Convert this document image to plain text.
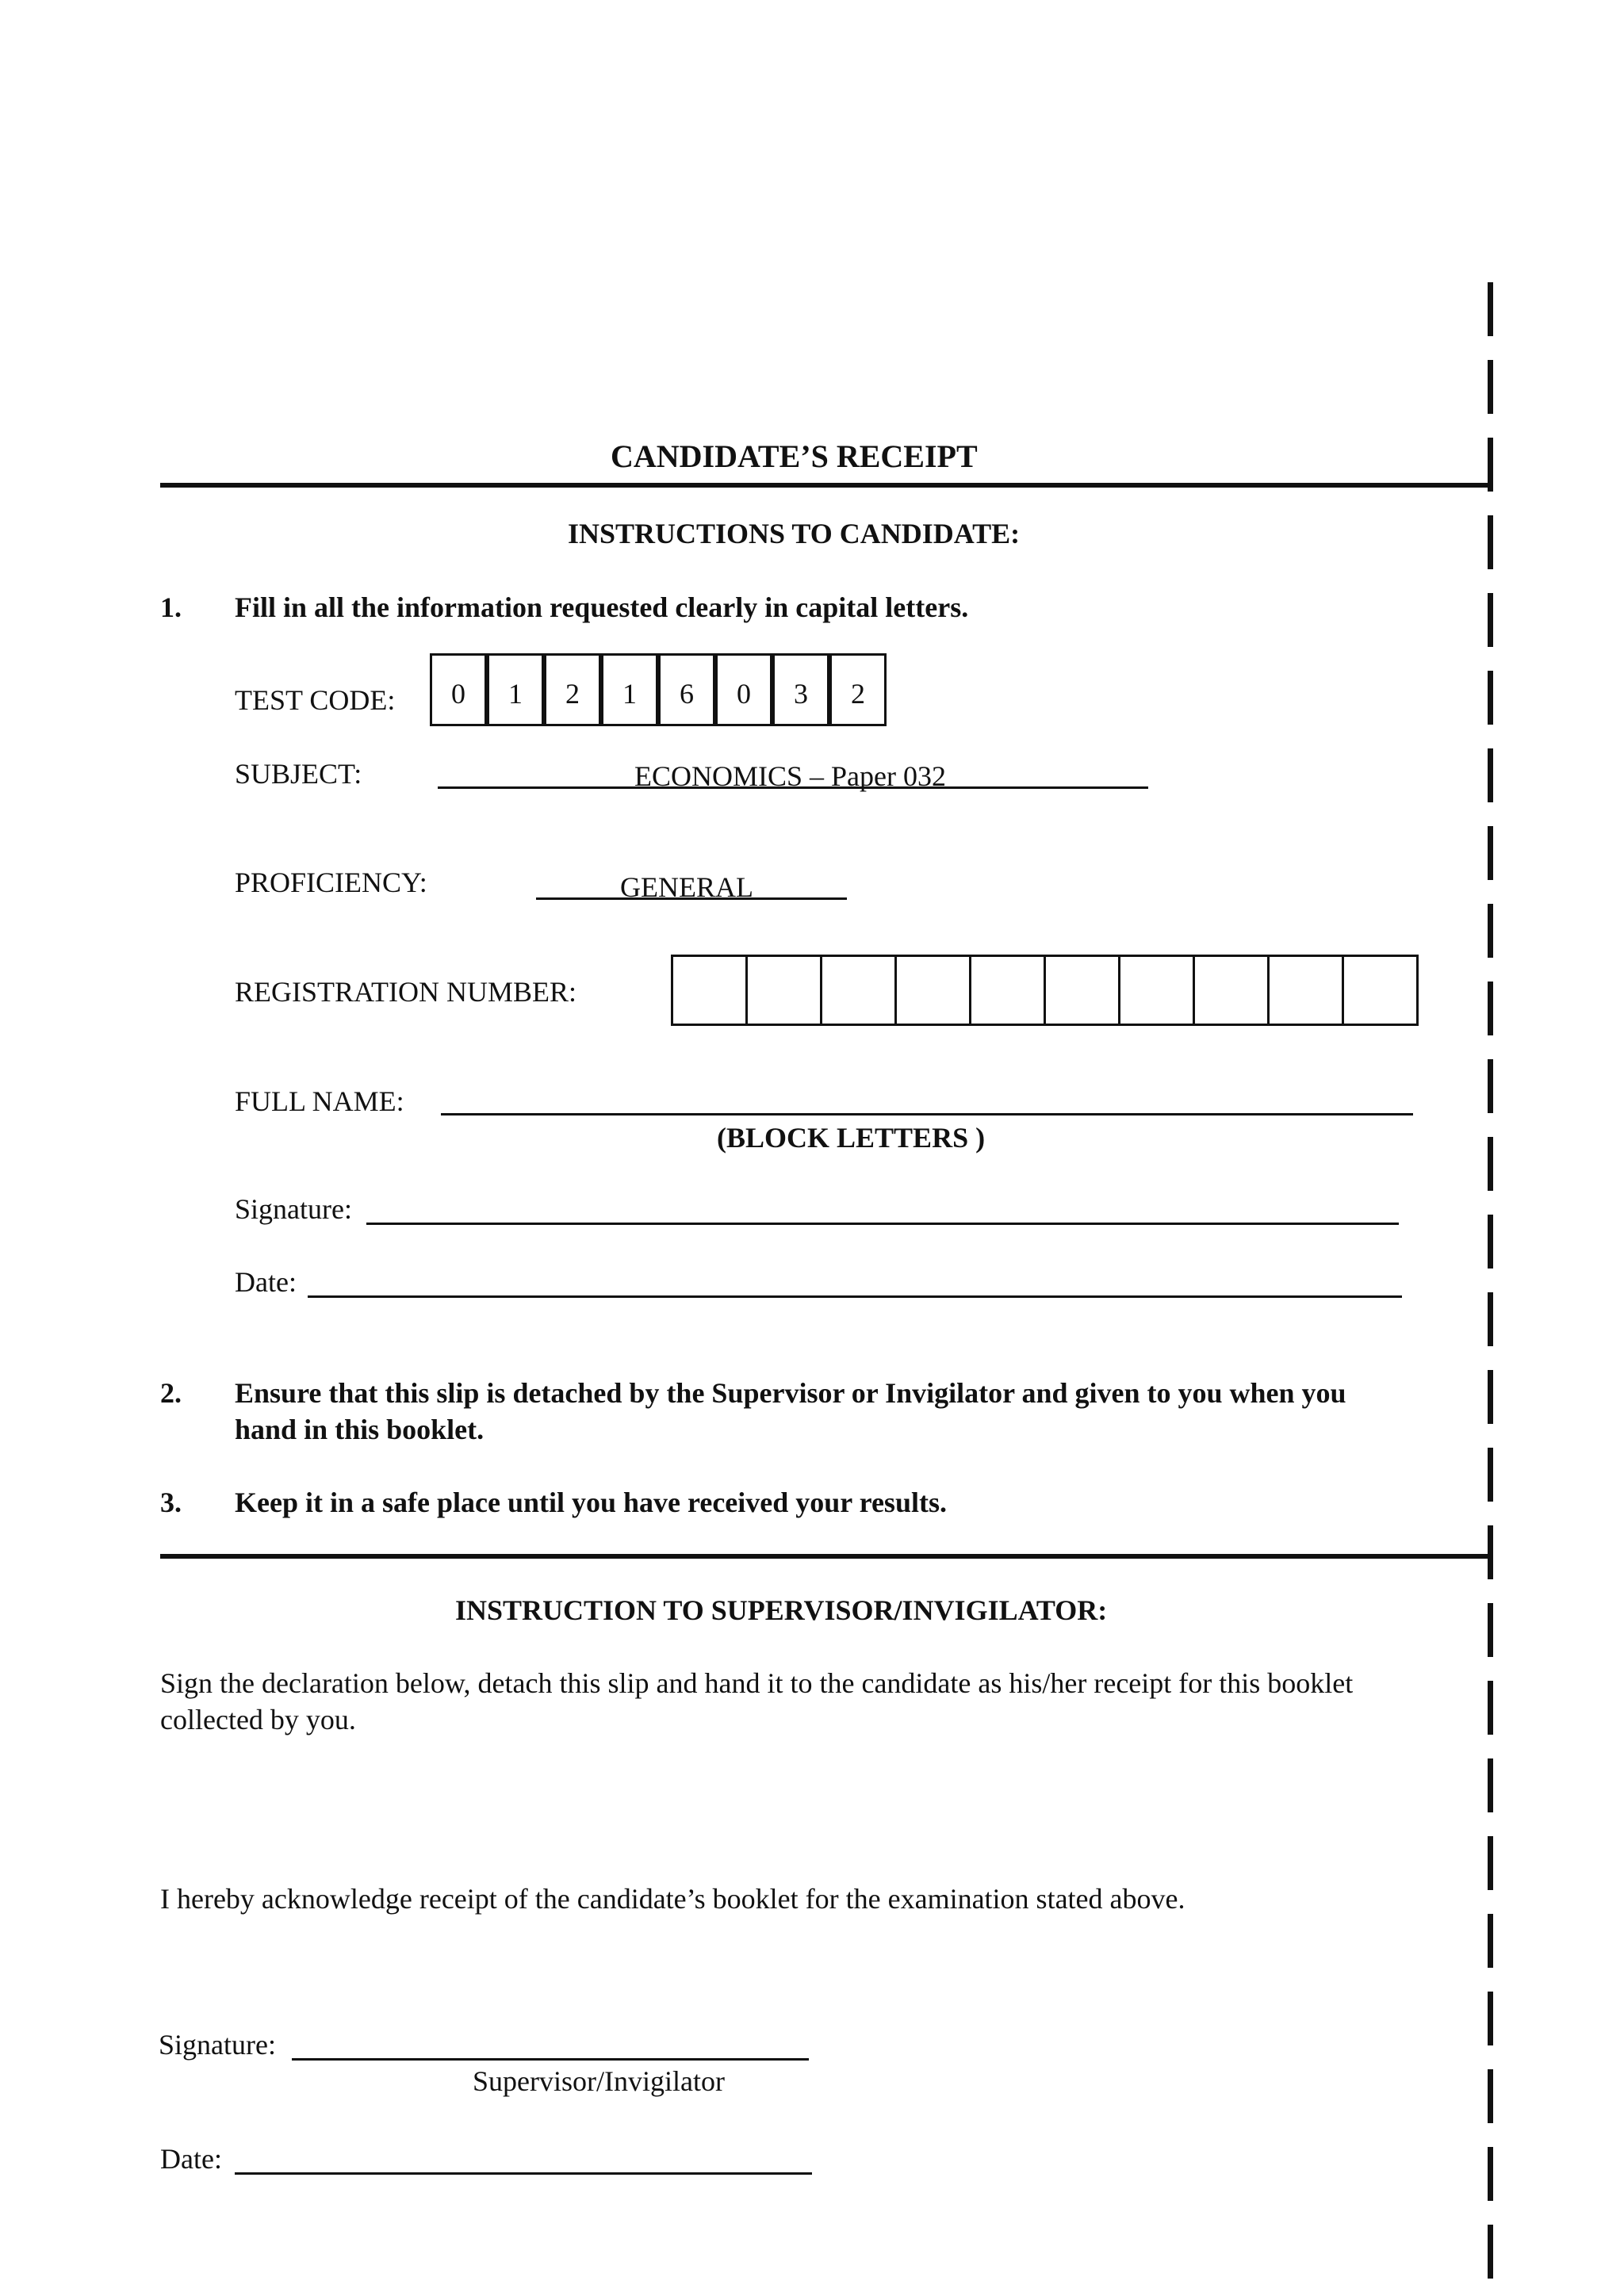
CANDIDATE’S RECEIPT
INSTRUCTIONS TO CANDIDATE:
1. Fill in all the information requested clearly in capital letters.
TEST CODE:	0	1	2	1	6	0	3	2
SUBJECT:	ECONOMICS – Paper 032
PROFICIENCY:	GENERAL
REGISTRATION NUMBER:
FULL NAME:
(BLOCK LETTERS )
Signature:
Date:
2. Ensure that this slip is detached by the Supervisor or Invigilator and given to you when you
hand in this booklet.
3. Keep it in a safe place until you have received your results.
INSTRUCTION TO SUPERVISOR/INVIGILATOR:
Sign the declaration below, detach this slip and hand it to the candidate as his/her receipt for this booklet
collected by you.
I hereby acknowledge receipt of the candidate’s booklet for the examination stated above.
Signature:
Supervisor/Invigilator
Date:
